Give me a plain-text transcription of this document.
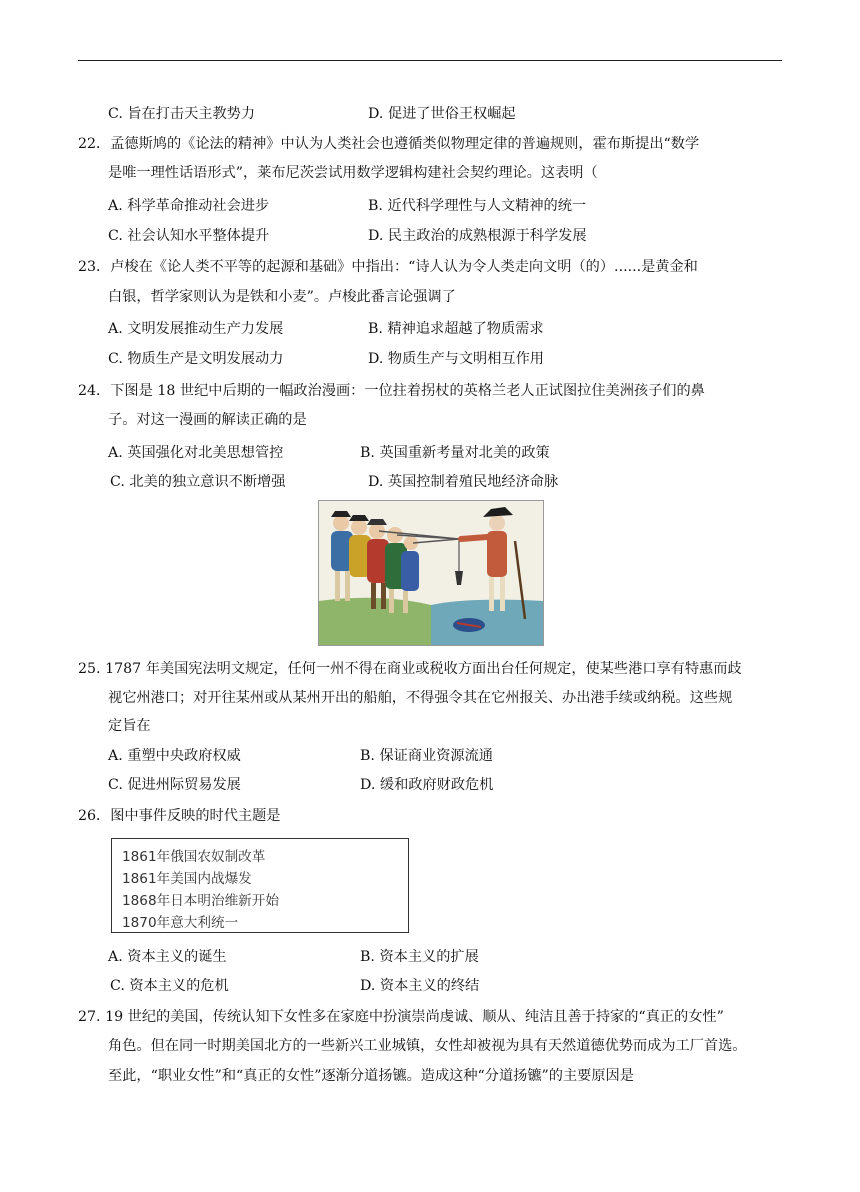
C. 旨在打击天主教势力	D. 促进了世俗王权崛起
22．孟德斯鸠的《论法的精神》中认为人类社会也遵循类似物理定律的普遍规则，霍布斯提出“数学
是唯一理性话语形式”，莱布尼茨尝试用数学逻辑构建社会契约理论。这表明（
A. 科学革命推动社会进步	B. 近代科学理性与人文精神的统一
C. 社会认知水平整体提升	D. 民主政治的成熟根源于科学发展
23．卢梭在《论人类不平等的起源和基础》中指出：“诗人认为令人类走向文明（的）......是黄金和
白银，哲学家则认为是铁和小麦”。卢梭此番言论强调了
A. 文明发展推动生产力发展	B. 精神追求超越了物质需求
C. 物质生产是文明发展动力	D. 物质生产与文明相互作用
24．下图是 18 世纪中后期的一幅政治漫画：一位拄着拐杖的英格兰老人正试图拉住美洲孩子们的鼻
子。对这一漫画的解读正确的是
A. 英国强化对北美思想管控	B. 英国重新考量对北美的政策
C. 北美的独立意识不断增强	D. 英国控制着殖民地经济命脉
25. 1787 年美国宪法明文规定，任何一州不得在商业或税收方面出台任何规定，使某些港口享有特惠而歧
视它州港口；对开往某州或从某州开出的船舶，不得强令其在它州报关、办出港手续或纳税。这些规
定旨在
A. 重塑中央政府权威	B. 保证商业资源流通
C. 促进州际贸易发展	D. 缓和政府财政危机
26．图中事件反映的时代主题是
1861年俄国农奴制改革
1861年美国内战爆发
1868年日本明治维新开始
1870年意大利统一
A. 资本主义的诞生	B. 资本主义的扩展
C. 资本主义的危机	D. 资本主义的终结
27. 19 世纪的美国，传统认知下女性多在家庭中扮演崇尚虔诚、顺从、纯洁且善于持家的“真正的女性”
角色。但在同一时期美国北方的一些新兴工业城镇，女性却被视为具有天然道德优势而成为工厂首选。
至此，“职业女性”和“真正的女性”逐渐分道扬镳。造成这种“分道扬镳”的主要原因是
